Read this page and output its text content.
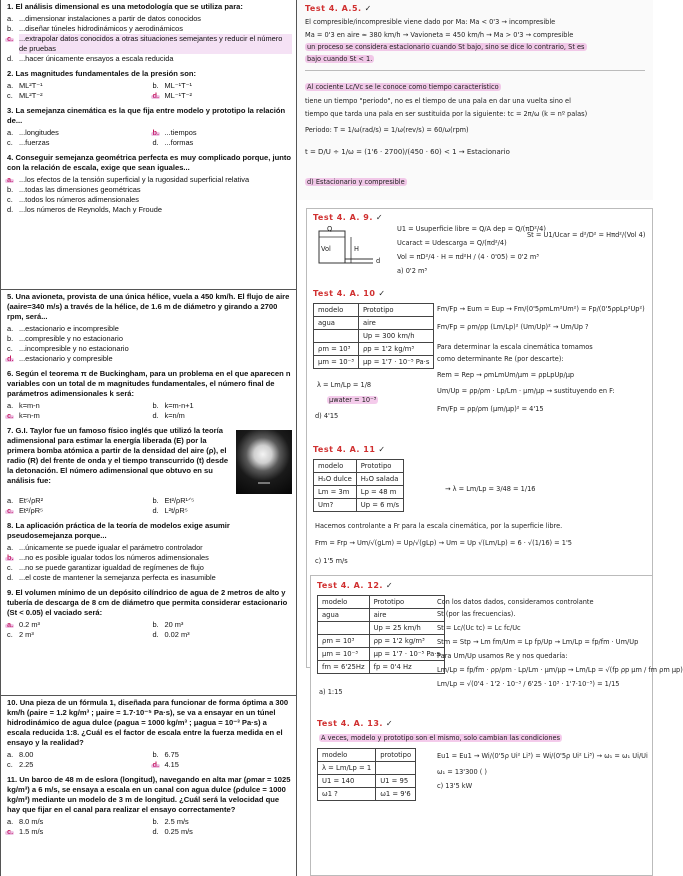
1. El análisis dimensional es una metodología que se utiliza para:
a. ...dimensionar instalaciones a partir de datos conocidos
b. ...diseñar túneles hidrodinámicos y aerodinámicos
c. ...extrapolar datos conocidos a otras situaciones semejantes y reducir el número de pruebas
d. ...hacer únicamente ensayos a escala reducida
2. Las magnitudes fundamentales de la presión son:
a. ML²T⁻¹	b. ML⁻¹T⁻¹
c. ML²T⁻²	d. ML⁻¹T⁻²
3. La semejanza cinemática es la que fija entre modelo y prototipo la relación de...
a. ...longitudes	b. ...tiempos
c. ...fuerzas	d. ...formas
4. Conseguir semejanza geométrica perfecta es muy complicado porque, junto con la relación de escala, exige que sean iguales...
a. ...los efectos de la tensión superficial y la rugosidad superficial relativa
b. ...todas las dimensiones geométricas
c. ...todos los números adimensionales
d. ...los números de Reynolds, Mach y Froude
5. Una avioneta, provista de una única hélice, vuela a 450 km/h. El flujo de aire (aaire=340 m/s) a través de la hélice, de 1.6 m de diámetro y girando a 2700 rpm, será...
a. ...estacionario e incompresible
b. ...compresible y no estacionario
c. ...incompresible y no estacionario
d. ...estacionario y compresible
6. Según el teorema π de Buckingham, para un problema en el que aparecen n variables con un total de m magnitudes fundamentales, el número final de parámetros adimensionales k será:
a. k=m-n	b. k=m-n+1
c. k=n-m	d. k=n/m
7. G.I. Taylor fue un famoso físico inglés que utilizó la teoría adimensional para estimar la energía liberada (E) por la primera bomba atómica a partir de la densidad del aire (ρ), el radio (R) del frente de onda y el tiempo transcurrido (t) desde la detonación. El número adimensional que obtuvo en su análisis fue:
a. Et⁵/ρR²	b. Et²/ρR¹ᐟ⁵
c. Et²/ρR⁵	d. L²t/ρR⁵
8. La aplicación práctica de la teoría de modelos exige asumir pseudosemejanza porque...
a. ...únicamente se puede igualar el parámetro controlador
b. ...no es posible igualar todos los números adimensionales
c. ...no se puede garantizar igualdad de regímenes de flujo
d. ...el coste de mantener la semejanza perfecta es inasumible
9. El volumen mínimo de un depósito cilíndrico de agua de 2 metros de alto y tubería de descarga de 8 cm de diámetro que permita considerar estacionario (St < 0.05) el vaciado será:
a. 0.2 m³	b. 20 m³
c. 2 m³	d. 0.02 m³
10. Una pieza de un fórmula 1, diseñada para funcionar de forma óptima a 300 km/h (ρaire = 1.2 kg/m³ ; μaire = 1.7·10⁻⁵ Pa·s), se va a ensayar en un túnel hidrodinámico de agua dulce (ρagua = 1000 kg/m³ ; μagua = 10⁻³ Pa·s) a escala reducida 1:8. ¿Cuál es el factor de escala entre la fuerza medida en el ensayo y la realidad?
a. 8.00	b. 6.75
c. 2.25	d. 4.15
11. Un barco de 48 m de eslora (longitud), navegando en alta mar (ρmar = 1025 kg/m³) a 6 m/s, se ensaya a escala en un canal con agua dulce (ρdulce = 1000 kg/m³) mediante un modelo de 3 m de longitud. ¿Cuál será la velocidad que hay que fijar en el canal para realizar el ensayo correctamente?
a. 8.0 m/s	b. 2.5 m/s
c. 1.5 m/s	d. 0.25 m/s
Test 4. A.5. ✓
El compresible/incompresible viene dado por Ma: Ma < 0'3 → incompresible
Ma = 0'3 en aire ≈ 380 km/h → Vavioneta = 450 km/h → Ma > 0'3 → compresible
un proceso se considera estacionario cuando St bajo, sino se dice lo contrario, St es
bajo cuando St < 1.
Al cociente Lc/Vc se le conoce como tiempo característico
tiene un tiempo "periodo", no es el tiempo de una pala en dar una vuelta sino el
tiempo que tarda una pala en ser sustituida por la siguiente: tc = 2π/ω (k = nº palas)
Periodo: T = 1/ω(rad/s) = 1/ω(rev/s) = 60/ω(rpm)
t = D/U ÷ 1/ω = (1'6 · 2700)/(450 · 60) < 1 → Estacionario
d) Estacionario y compresible
Test 4. A. 9. ✓
Vol	H
d
Q	U1 = Usuperficie libre = Q/A dep = Q/(πD²/4)
Ucaract = Udescarga = Q/(πd²/4)
Vol = πD²/4 · H = πd²H / (4 · 0'05) = 0'2 m³
St = U1/Ucar = d²/D² = Hπd²/(Vol 4)
a) 0'2 m³
Test 4. A. 10 ✓
modelo	Prototipo
agua	aire
	Up = 300 km/h
ρm = 10³	ρp = 1'2 kg/m³
μm = 10⁻³	μp = 1'7 · 10⁻⁵ Pa·s
λ = Lm/Lp = 1/8
μwater = 10⁻³
d) 4'15
Fm/Fp → Eum = Eup → Fm/(0'5ρmLm²Um²) = Fp/(0'5ρpLp²Up²)
Fm/Fp = ρm/ρp (Lm/Lp)² (Um/Up)² → Um/Up ?
Para determinar la escala cinemática tomamos
como determinante Re (por descarte):
Rem = Rep → ρmLmUm/μm = ρpLpUp/μp
Um/Up = ρp/ρm · Lp/Lm · μm/μp → sustituyendo en F:
Fm/Fp = ρp/ρm (μm/μp)² = 4'15
Test 4. A. 11 ✓
modelo	Prototipo
H₂O dulce	H₂O salada
Lm = 3m	Lp = 48 m
Um?	Up = 6 m/s
→ λ = Lm/Lp = 3/48 = 1/16
Hacemos controlante a Fr para la escala cinemática, por la superficie libre.
Frm = Frp → Um/√(gLm) = Up/√(gLp) → Um = Up √(Lm/Lp) = 6 · √(1/16) = 1'5
c) 1'5 m/s
Test 4. A. 12. ✓
modelo	Prototipo
agua	aire
	Up = 25 km/h
ρm = 10³	ρp = 1'2 kg/m³
μm = 10⁻³	μp = 1'7 · 10⁻⁵ Pa·s
fm = 6'25Hz	fp = 0'4 Hz
a) 1:15
Con los datos dados, consideramos controlante
St (por las frecuencias).
St = Lc/(Uc tc) = Lc fc/Uc
Stm = Stp → Lm fm/Um = Lp fp/Up → Lm/Lp = fp/fm · Um/Up
Para Um/Up usamos Re y nos quedaría:
Lm/Lp = fp/fm · ρp/ρm · Lp/Lm · μm/μp → Lm/Lp = √(fp ρp μm / fm ρm μp)
Lm/Lp = √(0'4 · 1'2 · 10⁻³ / 6'25 · 10³ · 1'7·10⁻⁵) = 1/15
Test 4. A. 13. ✓
A veces, modelo y prototipo son el mismo, solo cambian las condiciones
modelo	prototipo
λ = Lm/Lp = 1	
U1 = 140	U1 = 95
ω1 ?	ω1 = 9'6
Eu1 = Eu1 → Wi/(0'5ρ Ui² Li³) = Wi/(0'5ρ Ui² Li³) → ω₁ = ω₁ Ui/Ui
ω₁ = 13'300 ( )
c) 13'5 kW
